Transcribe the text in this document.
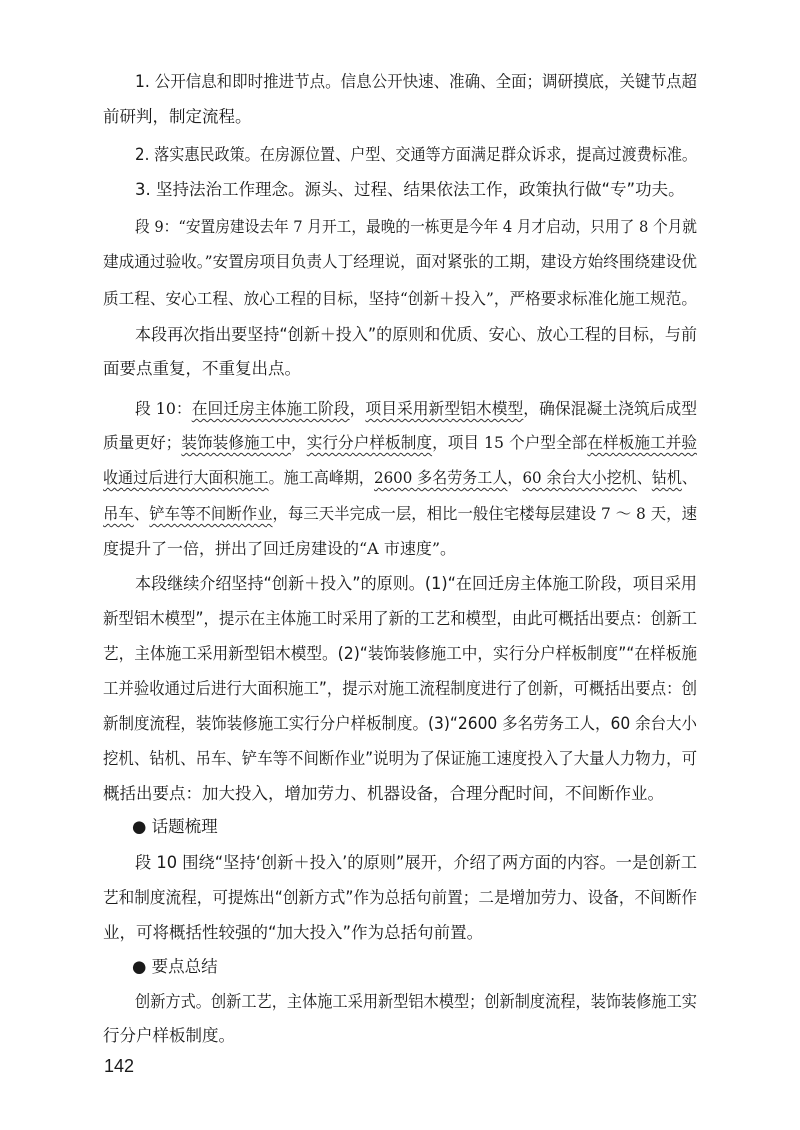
1. 公开信息和即时推进节点。信息公开快速、准确、全面；调研摸底，关键节点超
前研判，制定流程。
2. 落实惠民政策。在房源位置、户型、交通等方面满足群众诉求，提高过渡费标准。
3. 坚持法治工作理念。源头、过程、结果依法工作，政策执行做“专”功夫。
段 9：“安置房建设去年 7 月开工，最晚的一栋更是今年 4 月才启动，只用了 8 个月就
建成通过验收。”安置房项目负责人丁经理说，面对紧张的工期，建设方始终围绕建设优
质工程、安心工程、放心工程的目标，坚持“创新＋投入”，严格要求标准化施工规范。
本段再次指出要坚持“创新＋投入”的原则和优质、安心、放心工程的目标，与前
面要点重复，不重复出点。
段 10：在回迁房主体施工阶段，项目采用新型铝木模型，确保混凝土浇筑后成型
质量更好；装饰装修施工中，实行分户样板制度，项目 15 个户型全部在样板施工并验
收通过后进行大面积施工。施工高峰期，2600 多名劳务工人，60 余台大小挖机、钻机、
吊车、铲车等不间断作业，每三天半完成一层，相比一般住宅楼每层建设 7 ～ 8 天，速
度提升了一倍，拼出了回迁房建设的“A 市速度”。
本段继续介绍坚持“创新＋投入”的原则。(1)“在回迁房主体施工阶段，项目采用
新型铝木模型”，提示在主体施工时采用了新的工艺和模型，由此可概括出要点：创新工
艺，主体施工采用新型铝木模型。(2)“装饰装修施工中，实行分户样板制度”“在样板施
工并验收通过后进行大面积施工”，提示对施工流程制度进行了创新，可概括出要点：创
新制度流程，装饰装修施工实行分户样板制度。(3)“2600 多名劳务工人，60 余台大小
挖机、钻机、吊车、铲车等不间断作业”说明为了保证施工速度投入了大量人力物力，可
概括出要点：加大投入，增加劳力、机器设备，合理分配时间，不间断作业。
● 话题梳理
段 10 围绕“坚持‘创新＋投入’的原则”展开，介绍了两方面的内容。一是创新工
艺和制度流程，可提炼出“创新方式”作为总括句前置；二是增加劳力、设备，不间断作
业，可将概括性较强的“加大投入”作为总括句前置。
● 要点总结
创新方式。创新工艺，主体施工采用新型铝木模型；创新制度流程，装饰装修施工实
行分户样板制度。
142
